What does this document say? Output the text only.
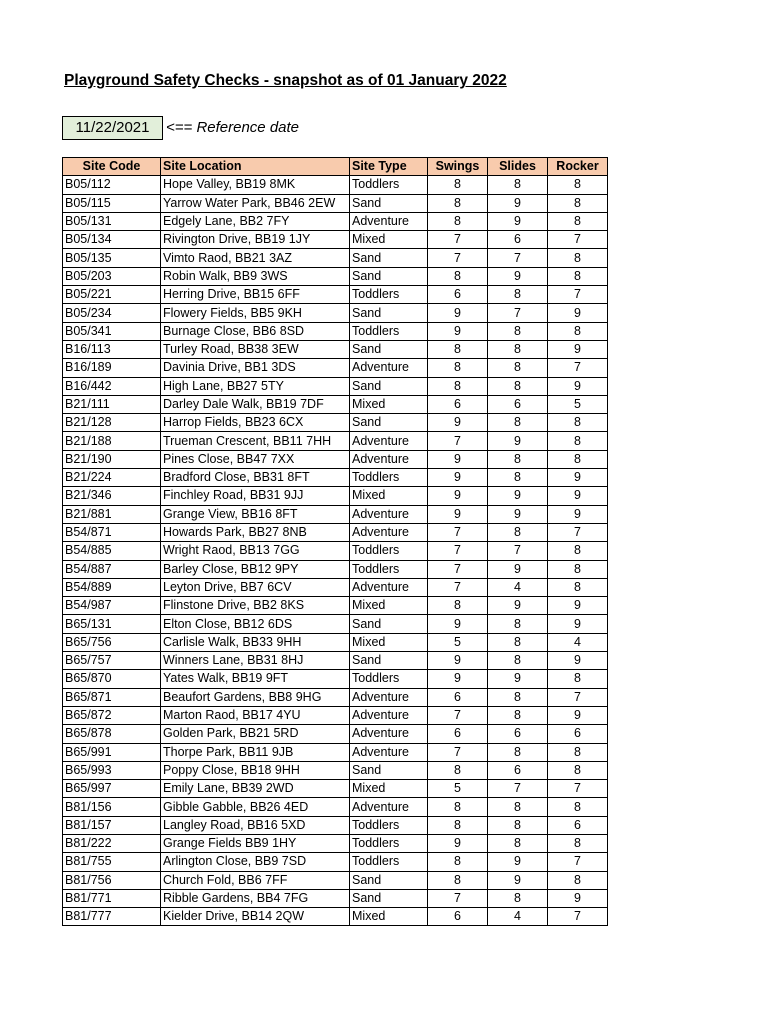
Playground Safety Checks - snapshot as of 01 January 2022
11/22/2021	<== Reference date
Site Code	Site Location	Site Type	Swings	Slides	Rocker
B05/112	Hope Valley, BB19 8MK	Toddlers	8	8	8
B05/115	Yarrow Water Park, BB46 2EW	Sand	8	9	8
B05/131	Edgely Lane, BB2 7FY	Adventure	8	9	8
B05/134	Rivington Drive, BB19 1JY	Mixed	7	6	7
B05/135	Vimto Raod, BB21 3AZ	Sand	7	7	8
B05/203	Robin Walk, BB9 3WS	Sand	8	9	8
B05/221	Herring Drive, BB15 6FF	Toddlers	6	8	7
B05/234	Flowery Fields, BB5 9KH	Sand	9	7	9
B05/341	Burnage Close, BB6 8SD	Toddlers	9	8	8
B16/113	Turley Road, BB38 3EW	Sand	8	8	9
B16/189	Davinia Drive, BB1 3DS	Adventure	8	8	7
B16/442	High Lane, BB27 5TY	Sand	8	8	9
B21/111	Darley Dale Walk, BB19 7DF	Mixed	6	6	5
B21/128	Harrop Fields, BB23 6CX	Sand	9	8	8
B21/188	Trueman Crescent, BB11 7HH	Adventure	7	9	8
B21/190	Pines Close, BB47 7XX	Adventure	9	8	8
B21/224	Bradford Close, BB31 8FT	Toddlers	9	8	9
B21/346	Finchley Road, BB31 9JJ	Mixed	9	9	9
B21/881	Grange View, BB16 8FT	Adventure	9	9	9
B54/871	Howards Park, BB27 8NB	Adventure	7	8	7
B54/885	Wright Raod, BB13 7GG	Toddlers	7	7	8
B54/887	Barley Close, BB12 9PY	Toddlers	7	9	8
B54/889	Leyton Drive, BB7 6CV	Adventure	7	4	8
B54/987	Flinstone Drive, BB2 8KS	Mixed	8	9	9
B65/131	Elton Close, BB12 6DS	Sand	9	8	9
B65/756	Carlisle Walk, BB33 9HH	Mixed	5	8	4
B65/757	Winners Lane, BB31 8HJ	Sand	9	8	9
B65/870	Yates Walk, BB19 9FT	Toddlers	9	9	8
B65/871	Beaufort Gardens, BB8 9HG	Adventure	6	8	7
B65/872	Marton Raod, BB17 4YU	Adventure	7	8	9
B65/878	Golden Park, BB21 5RD	Adventure	6	6	6
B65/991	Thorpe Park, BB11 9JB	Adventure	7	8	8
B65/993	Poppy Close, BB18 9HH	Sand	8	6	8
B65/997	Emily Lane, BB39 2WD	Mixed	5	7	7
B81/156	Gibble Gabble, BB26 4ED	Adventure	8	8	8
B81/157	Langley Road, BB16 5XD	Toddlers	8	8	6
B81/222	Grange Fields BB9 1HY	Toddlers	9	8	8
B81/755	Arlington Close, BB9 7SD	Toddlers	8	9	7
B81/756	Church Fold, BB6 7FF	Sand	8	9	8
B81/771	Ribble Gardens, BB4 7FG	Sand	7	8	9
B81/777	Kielder Drive, BB14 2QW	Mixed	6	4	7
